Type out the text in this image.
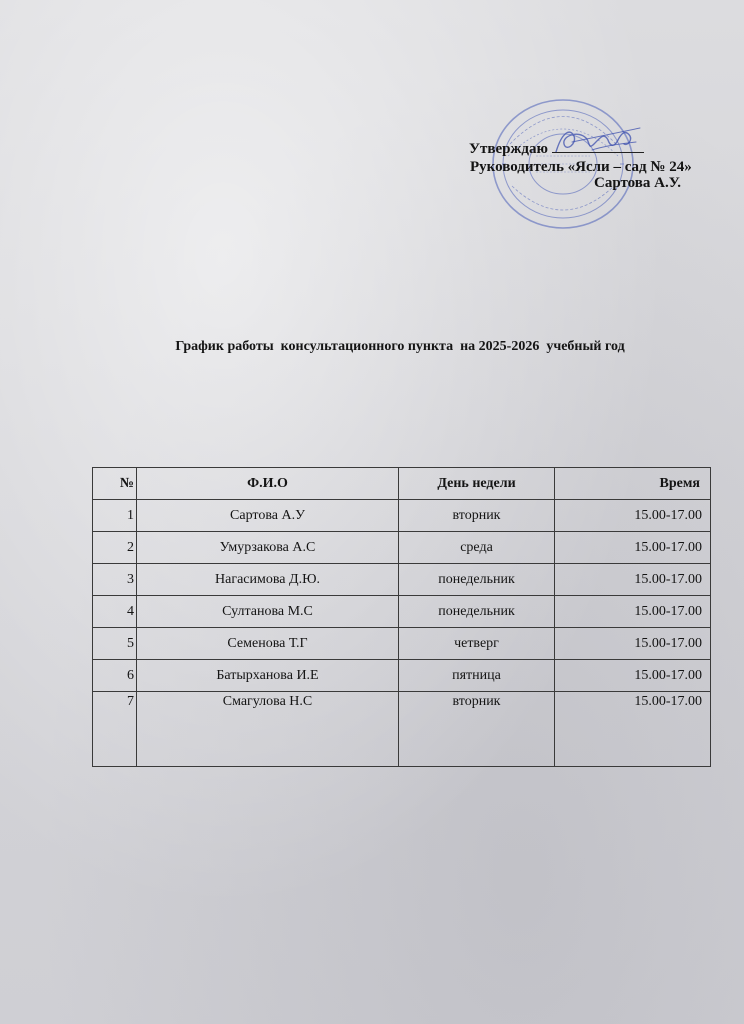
Утверждаю
Руководитель «Ясли – сад № 24»
Сартова А.У.
График работы  консультационного пункта  на 2025-2026  учебный год
№	Ф.И.О	День недели	Время
1	Сартова А.У	вторник	15.00-17.00
2	Умурзакова А.С	среда	15.00-17.00
3	Нагасимова Д.Ю.	понедельник	15.00-17.00
4	Султанова М.С	понедельник	15.00-17.00
5	Семенова Т.Г	четверг	15.00-17.00
6	Батырханова И.Е	пятница	15.00-17.00
7	Смагулова Н.С	вторник	15.00-17.00
